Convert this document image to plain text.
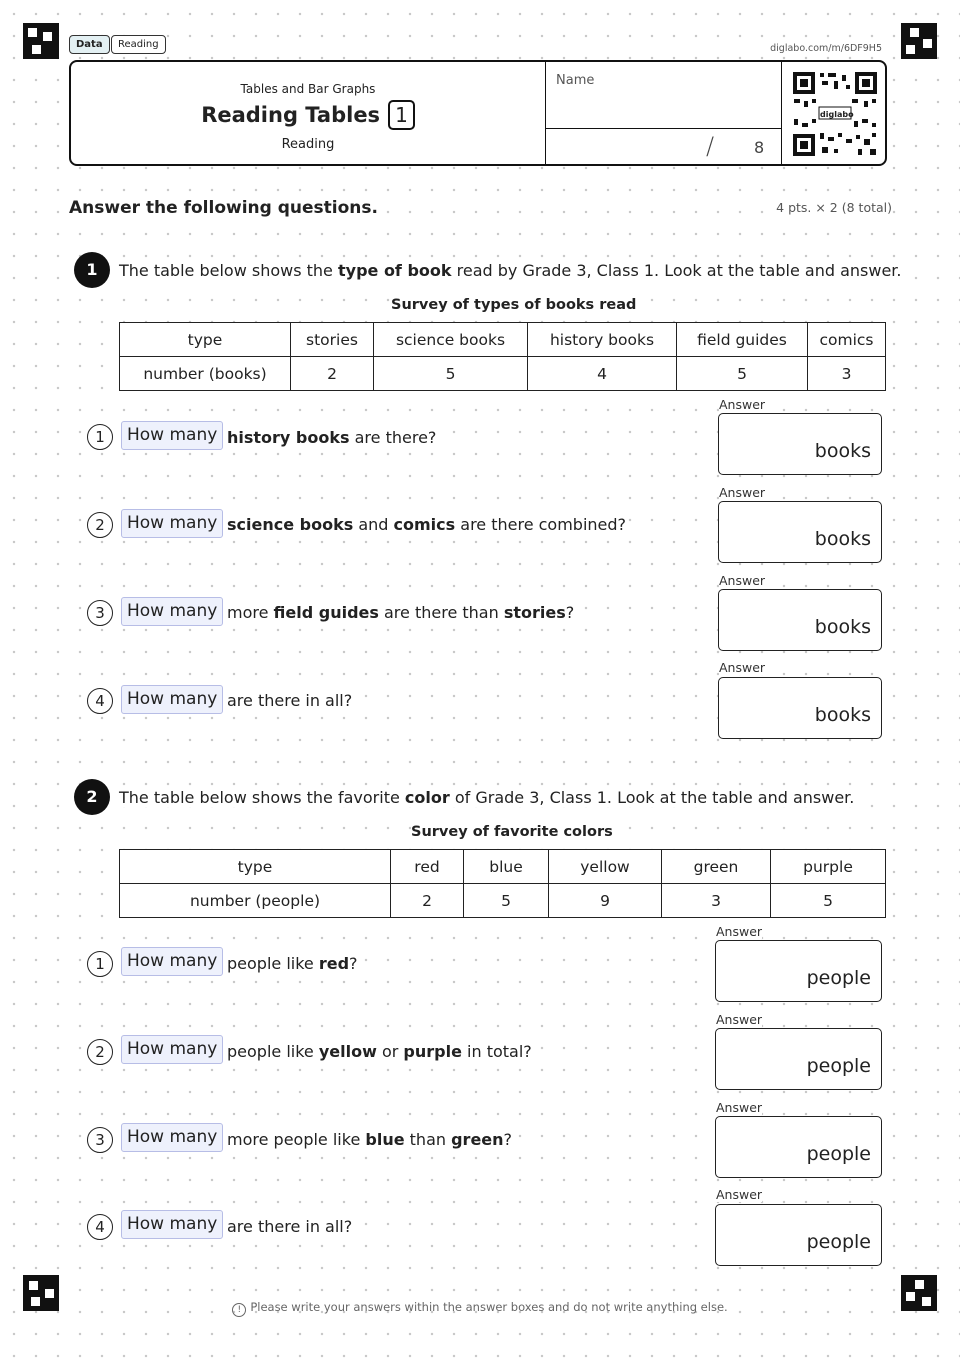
Data	Reading	diglabo.com/m/6DF9H5
Tables and Bar Graphs
Reading Tables 1
Reading
Name
/ 8
diglabo
Answer the following questions.	4 pts. × 2 (8 total)
1	The table below shows the type of book read by Grade 3, Class 1. Look at the table and answer.
Survey of types of books read
type	stories	science books	history books	field guides	comics
number (books)	2	5	4	5	3
1	How many history books are there?
Answer
books
2	How many science books and comics are there combined?
Answer
books
3	How many more field guides are there than stories?
Answer
books
4	How many are there in all?
Answer
books
2	The table below shows the favorite color of Grade 3, Class 1. Look at the table and answer.
Survey of favorite colors
type	red	blue	yellow	green	purple
number (people)	2	5	9	3	5
1	How many people like red?
Answer
people
2	How many people like yellow or purple in total?
Answer
people
3	How many more people like blue than green?
Answer
people
4	How many are there in all?
Answer
people
! Please write your answers within the answer boxes and do not write anything else.
